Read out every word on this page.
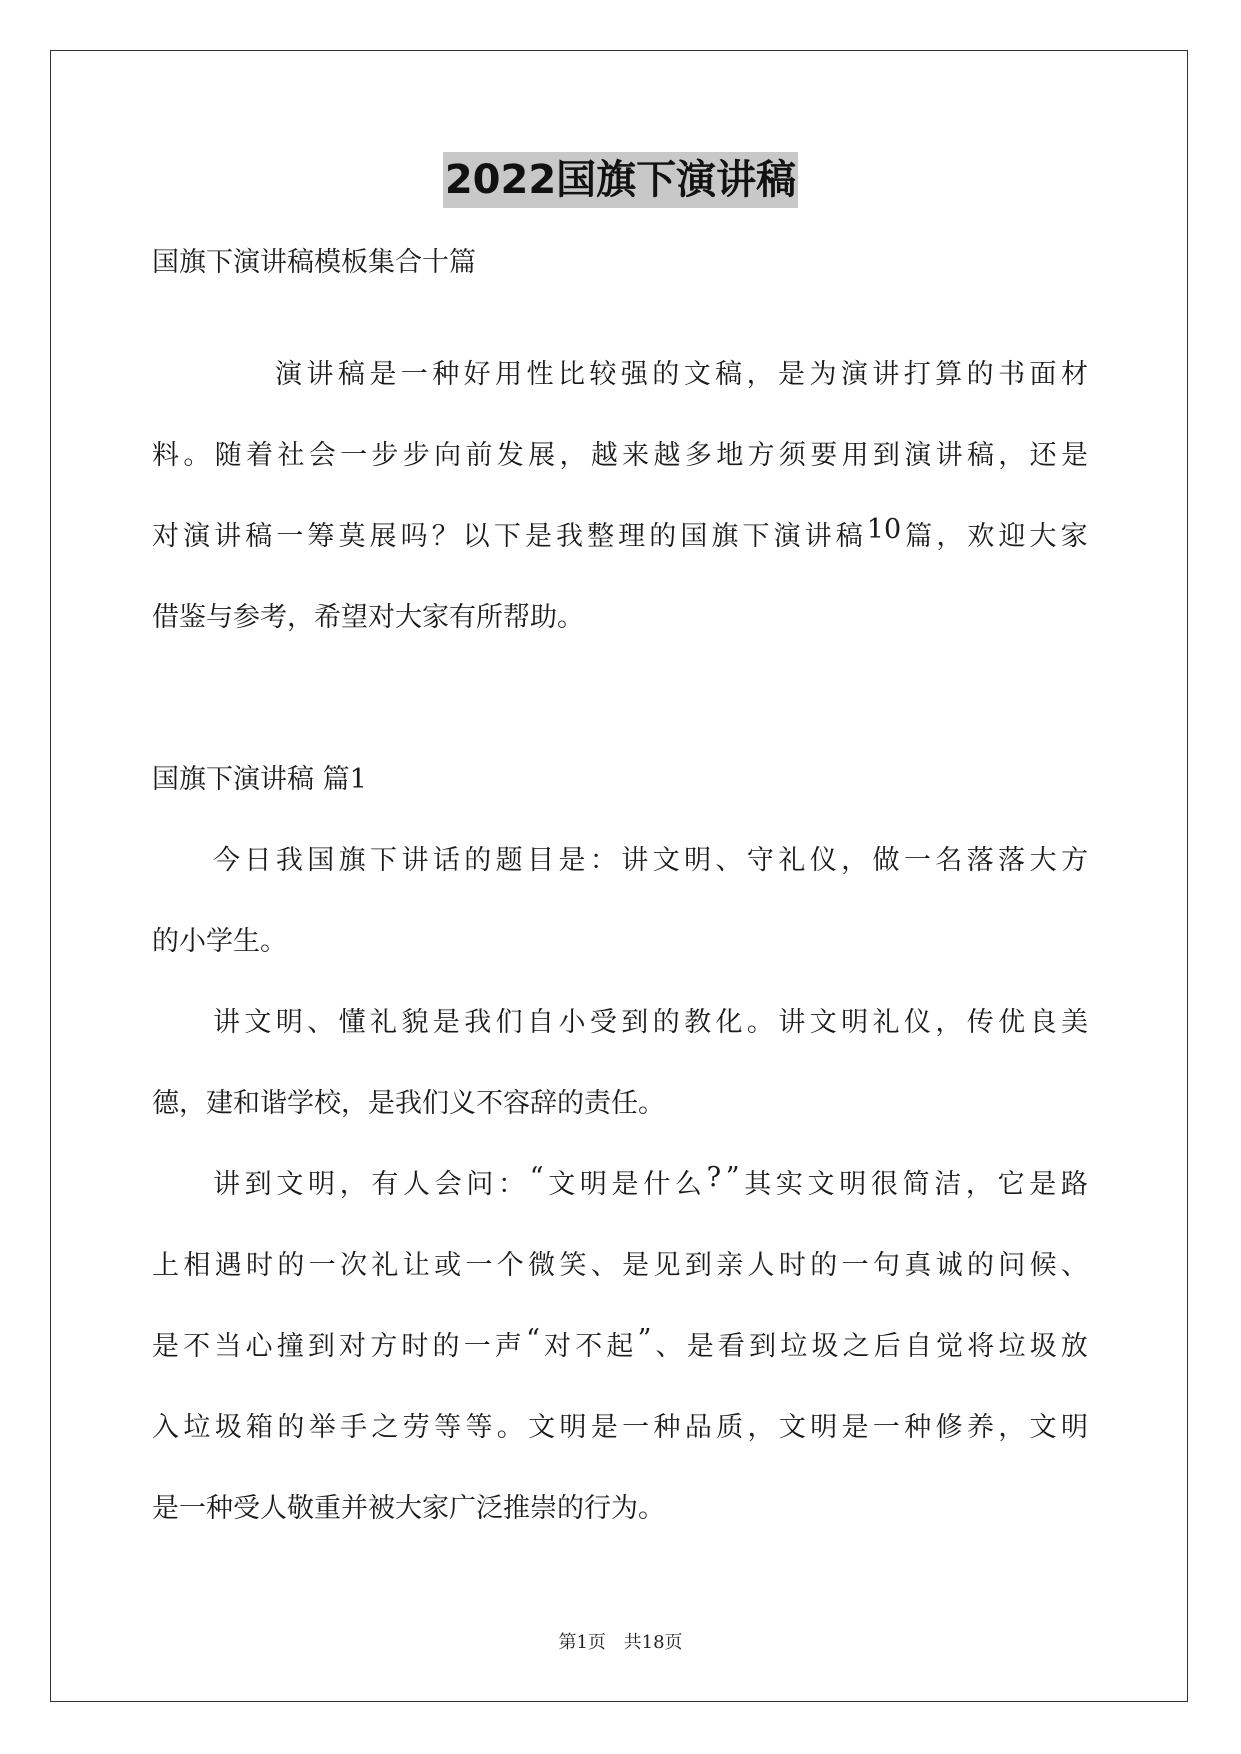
2022国旗下演讲稿
国旗下演讲稿模板集合十篇
演 讲 稿 是 一 种 好 用 性 比 较 强 的 文 稿 ， 是 为 演 讲 打 算 的 书 面 材
料 。 随 着 社 会 一 步 步 向 前 发 展 ， 越 来 越 多 地 方 须 要 用 到 演 讲 稿 ， 还 是
对 演 讲 稿 一 筹 莫 展 吗 ？ 以 下 是 我 整 理 的 国 旗 下 演 讲 稿 10 篇 ， 欢 迎 大 家
借鉴与参考，希望对大家有所帮助。
国旗下演讲稿 篇1
今 日 我 国 旗 下 讲 话 的 题 目 是 ： 讲 文 明 、 守 礼 仪 ， 做 一 名 落 落 大 方
的小学生。
讲 文 明 、 懂 礼 貌 是 我 们 自 小 受 到 的 教 化 。 讲 文 明 礼 仪 ， 传 优 良 美
德，建和谐学校，是我们义不容辞的责任。
讲 到 文 明 ， 有 人 会 问 ： “ 文 明 是 什 么 ? ” 其 实 文 明 很 简 洁 ， 它 是 路
上 相 遇 时 的 一 次 礼 让 或 一 个 微 笑 、 是 见 到 亲 人 时 的 一 句 真 诚 的 问 候 、
是 不 当 心 撞 到 对 方 时 的 一 声 “ 对 不 起 ” 、 是 看 到 垃 圾 之 后 自 觉 将 垃 圾 放
入 垃 圾 箱 的 举 手 之 劳 等 等 。 文 明 是 一 种 品 质 ， 文 明 是 一 种 修 养 ， 文 明
是一种受人敬重并被大家广泛推崇的行为。
第1页 共18页
